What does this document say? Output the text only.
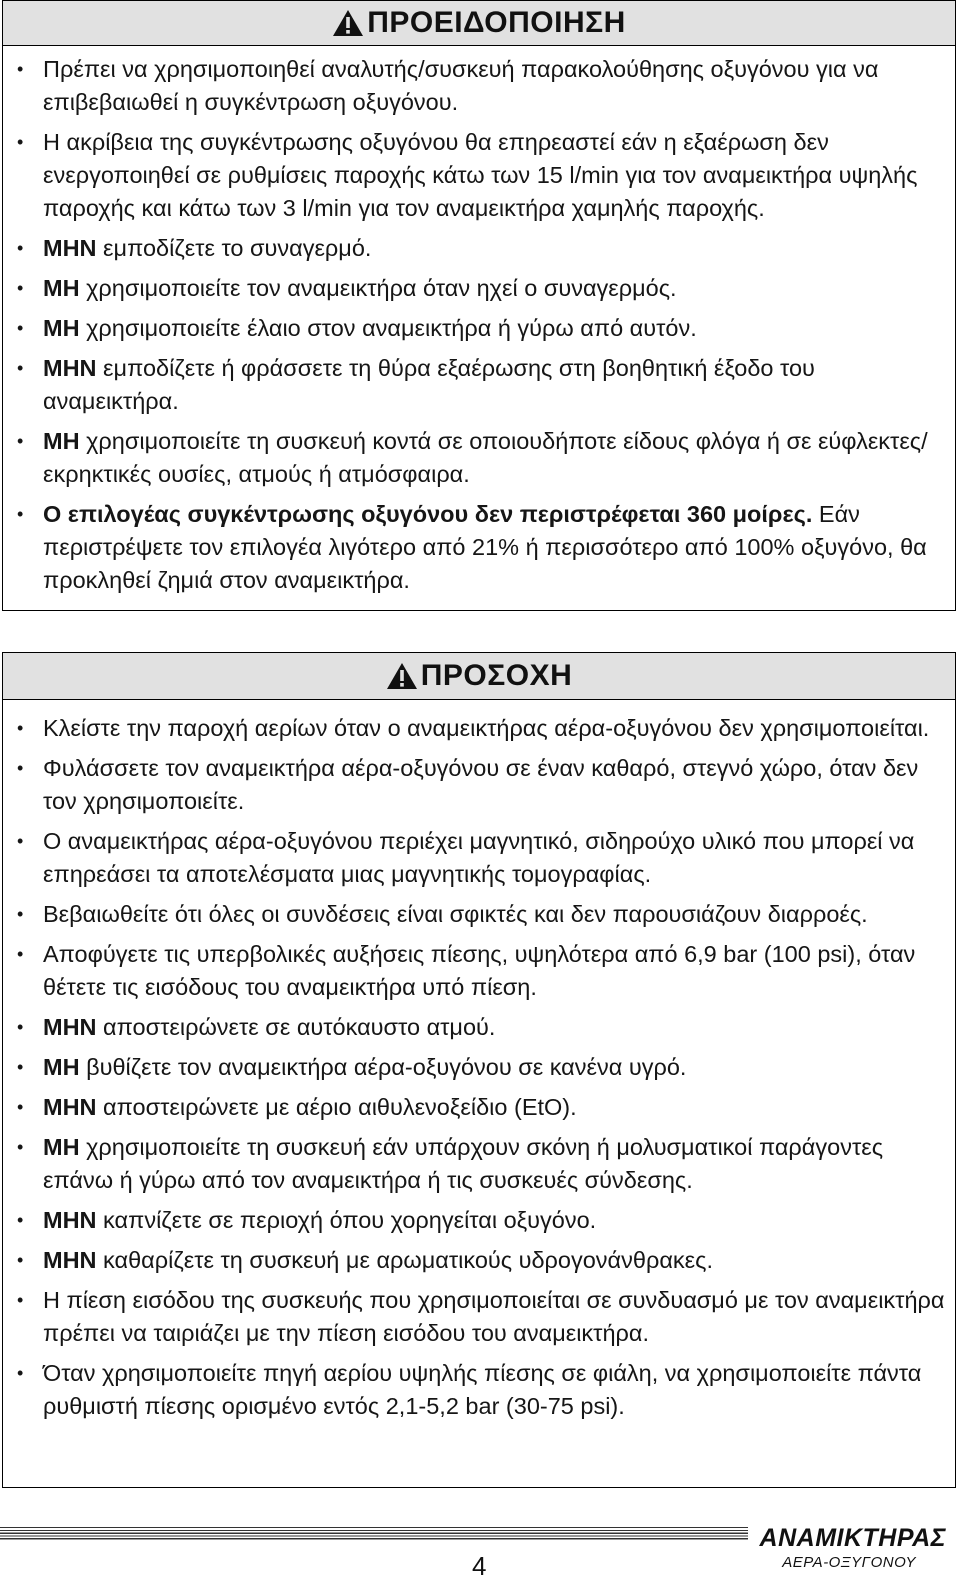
ΠΡΟΕΙΔΟΠΟΙΗΣΗ
• Πρέπει να χρησιμοποιηθεί αναλυτής/συσκευή παρακολούθησης οξυγόνου για να επιβεβαιωθεί η συγκέντρωση οξυγόνου.
• Η ακρίβεια της συγκέντρωσης οξυγόνου θα επηρεαστεί εάν η εξαέρωση δεν ενεργοποιηθεί σε ρυθμίσεις παροχής κάτω των 15 l/min για τον αναμεικτήρα υψηλής παροχής και κάτω των 3 l/min για τον αναμεικτήρα χαμηλής παροχής.
• ΜΗΝ εμποδίζετε το συναγερμό.
• ΜΗ χρησιμοποιείτε τον αναμεικτήρα όταν ηχεί ο συναγερμός.
• ΜΗ χρησιμοποιείτε έλαιο στον αναμεικτήρα ή γύρω από αυτόν.
• ΜΗΝ εμποδίζετε ή φράσσετε τη θύρα εξαέρωσης στη βοηθητική έξοδο του αναμεικτήρα.
• ΜΗ χρησιμοποιείτε τη συσκευή κοντά σε οποιουδήποτε είδους φλόγα ή σε εύφλεκτες/εκρηκτικές ουσίες, ατμούς ή ατμόσφαιρα.
• Ο επιλογέας συγκέντρωσης οξυγόνου δεν περιστρέφεται 360 μοίρες. Εάν περιστρέψετε τον επιλογέα λιγότερο από 21% ή περισσότερο από 100% οξυγόνο, θα προκληθεί ζημιά στον αναμεικτήρα.
ΠΡΟΣΟΧΗ
• Κλείστε την παροχή αερίων όταν ο αναμεικτήρας αέρα-οξυγόνου δεν χρησιμοποιείται.
• Φυλάσσετε τον αναμεικτήρα αέρα-οξυγόνου σε έναν καθαρό, στεγνό χώρο, όταν δεν τον χρησιμοποιείτε.
• Ο αναμεικτήρας αέρα-οξυγόνου περιέχει μαγνητικό, σιδηρούχο υλικό που μπορεί να επηρεάσει τα αποτελέσματα μιας μαγνητικής τομογραφίας.
• Βεβαιωθείτε ότι όλες οι συνδέσεις είναι σφικτές και δεν παρουσιάζουν διαρροές.
• Αποφύγετε τις υπερβολικές αυξήσεις πίεσης, υψηλότερα από 6,9 bar (100 psi), όταν θέτετε τις εισόδους του αναμεικτήρα υπό πίεση.
• ΜΗΝ αποστειρώνετε σε αυτόκαυστο ατμού.
• ΜΗ βυθίζετε τον αναμεικτήρα αέρα-οξυγόνου σε κανένα υγρό.
• ΜΗΝ αποστειρώνετε με αέριο αιθυλενοξείδιο (EtO).
• ΜΗ χρησιμοποιείτε τη συσκευή εάν υπάρχουν σκόνη ή μολυσματικοί παράγοντες επάνω ή γύρω από τον αναμεικτήρα ή τις συσκευές σύνδεσης.
• ΜΗΝ καπνίζετε σε περιοχή όπου χορηγείται οξυγόνο.
• ΜΗΝ καθαρίζετε τη συσκευή με αρωματικούς υδρογονάνθρακες.
• Η πίεση εισόδου της συσκευής που χρησιμοποιείται σε συνδυασμό με τον αναμεικτήρα πρέπει να ταιριάζει με την πίεση εισόδου του αναμεικτήρα.
• Όταν χρησιμοποιείτε πηγή αερίου υψηλής πίεσης σε φιάλη, να χρησιμοποιείτε πάντα ρυθμιστή πίεσης ορισμένο εντός 2,1-5,2 bar (30-75 psi).
4
ΑΝΑΜΙΚΤΗΡΑΣ
ΑΕΡΑ-ΟΞΥΓΟΝΟΥ
